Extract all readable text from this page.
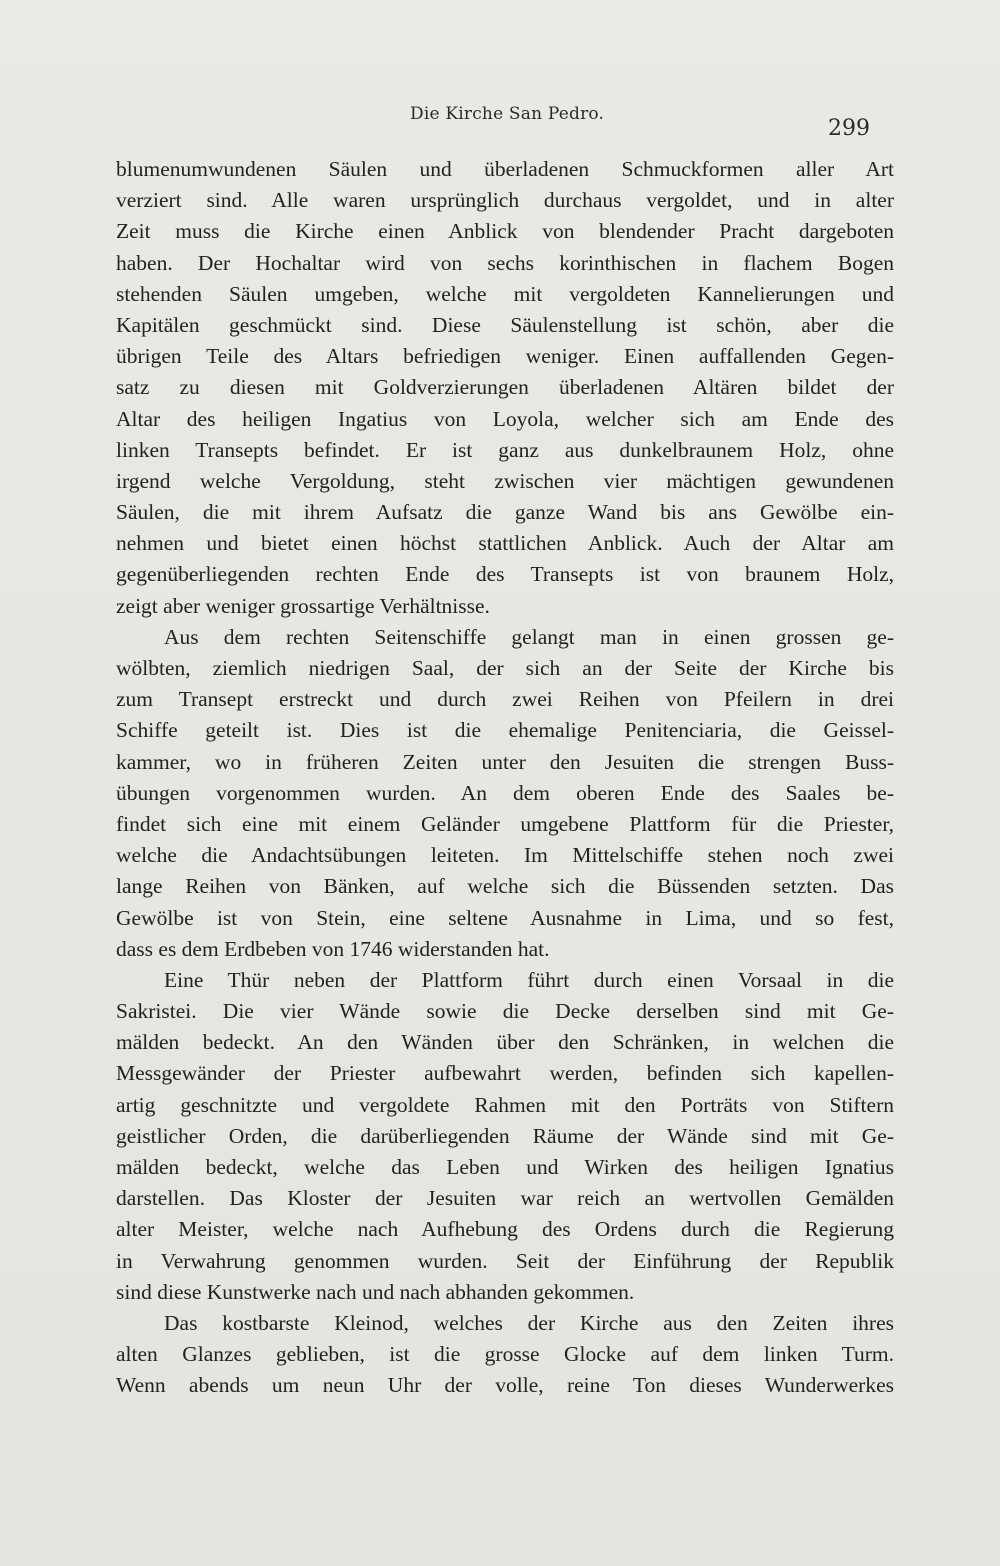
Die Kirche San Pedro.
299
blumenumwundenen Säulen und überladenen Schmuckformen aller Art
verziert sind. Alle waren ursprünglich durchaus vergoldet, und in alter
Zeit muss die Kirche einen Anblick von blendender Pracht dargeboten
haben. Der Hochaltar wird von sechs korinthischen in flachem Bogen
stehenden Säulen umgeben, welche mit vergoldeten Kannelierungen und
Kapitälen geschmückt sind. Diese Säulenstellung ist schön, aber die
übrigen Teile des Altars befriedigen weniger. Einen auffallenden Gegen-
satz zu diesen mit Goldverzierungen überladenen Altären bildet der
Altar des heiligen Ingatius von Loyola, welcher sich am Ende des
linken Transepts befindet. Er ist ganz aus dunkelbraunem Holz, ohne
irgend welche Vergoldung, steht zwischen vier mächtigen gewundenen
Säulen, die mit ihrem Aufsatz die ganze Wand bis ans Gewölbe ein-
nehmen und bietet einen höchst stattlichen Anblick. Auch der Altar am
gegenüberliegenden rechten Ende des Transepts ist von braunem Holz,
zeigt aber weniger grossartige Verhältnisse.
Aus dem rechten Seitenschiffe gelangt man in einen grossen ge-
wölbten, ziemlich niedrigen Saal, der sich an der Seite der Kirche bis
zum Transept erstreckt und durch zwei Reihen von Pfeilern in drei
Schiffe geteilt ist. Dies ist die ehemalige Penitenciaria, die Geissel-
kammer, wo in früheren Zeiten unter den Jesuiten die strengen Buss-
übungen vorgenommen wurden. An dem oberen Ende des Saales be-
findet sich eine mit einem Geländer umgebene Plattform für die Priester,
welche die Andachtsübungen leiteten. Im Mittelschiffe stehen noch zwei
lange Reihen von Bänken, auf welche sich die Büssenden setzten. Das
Gewölbe ist von Stein, eine seltene Ausnahme in Lima, und so fest,
dass es dem Erdbeben von 1746 widerstanden hat.
Eine Thür neben der Plattform führt durch einen Vorsaal in die
Sakristei. Die vier Wände sowie die Decke derselben sind mit Ge-
mälden bedeckt. An den Wänden über den Schränken, in welchen die
Messgewänder der Priester aufbewahrt werden, befinden sich kapellen-
artig geschnitzte und vergoldete Rahmen mit den Porträts von Stiftern
geistlicher Orden, die darüberliegenden Räume der Wände sind mit Ge-
mälden bedeckt, welche das Leben und Wirken des heiligen Ignatius
darstellen. Das Kloster der Jesuiten war reich an wertvollen Gemälden
alter Meister, welche nach Aufhebung des Ordens durch die Regierung
in Verwahrung genommen wurden. Seit der Einführung der Republik
sind diese Kunstwerke nach und nach abhanden gekommen.
Das kostbarste Kleinod, welches der Kirche aus den Zeiten ihres
alten Glanzes geblieben, ist die grosse Glocke auf dem linken Turm.
Wenn abends um neun Uhr der volle, reine Ton dieses Wunderwerkes
